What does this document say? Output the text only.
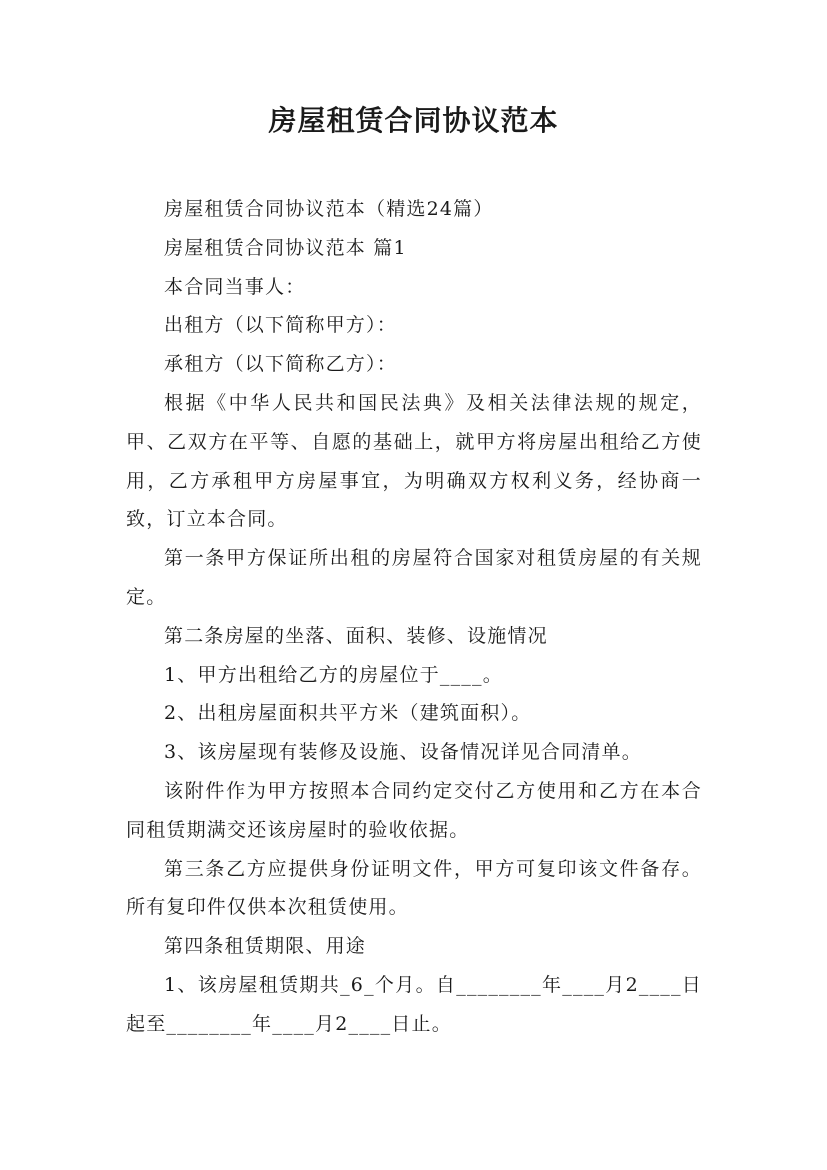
房屋租赁合同协议范本

房屋租赁合同协议范本（精选24篇）

房屋租赁合同协议范本 篇1

本合同当事人：

出租方（以下简称甲方）：

承租方（以下简称乙方）：

根据《中华人民共和国民法典》及相关法律法规的规定，甲、乙双方在平等、自愿的基础上，就甲方将房屋出租给乙方使用，乙方承租甲方房屋事宜，为明确双方权利义务，经协商一致，订立本合同。

第一条甲方保证所出租的房屋符合国家对租赁房屋的有关规定。

第二条房屋的坐落、面积、装修、设施情况

1、甲方出租给乙方的房屋位于____。

2、出租房屋面积共平方米（建筑面积）。

3、该房屋现有装修及设施、设备情况详见合同清单。

该附件作为甲方按照本合同约定交付乙方使用和乙方在本合同租赁期满交还该房屋时的验收依据。

第三条乙方应提供身份证明文件，甲方可复印该文件备存。所有复印件仅供本次租赁使用。

第四条租赁期限、用途

1、该房屋租赁期共_6_个月。自________年____月2____日起至________年____月2____日止。
